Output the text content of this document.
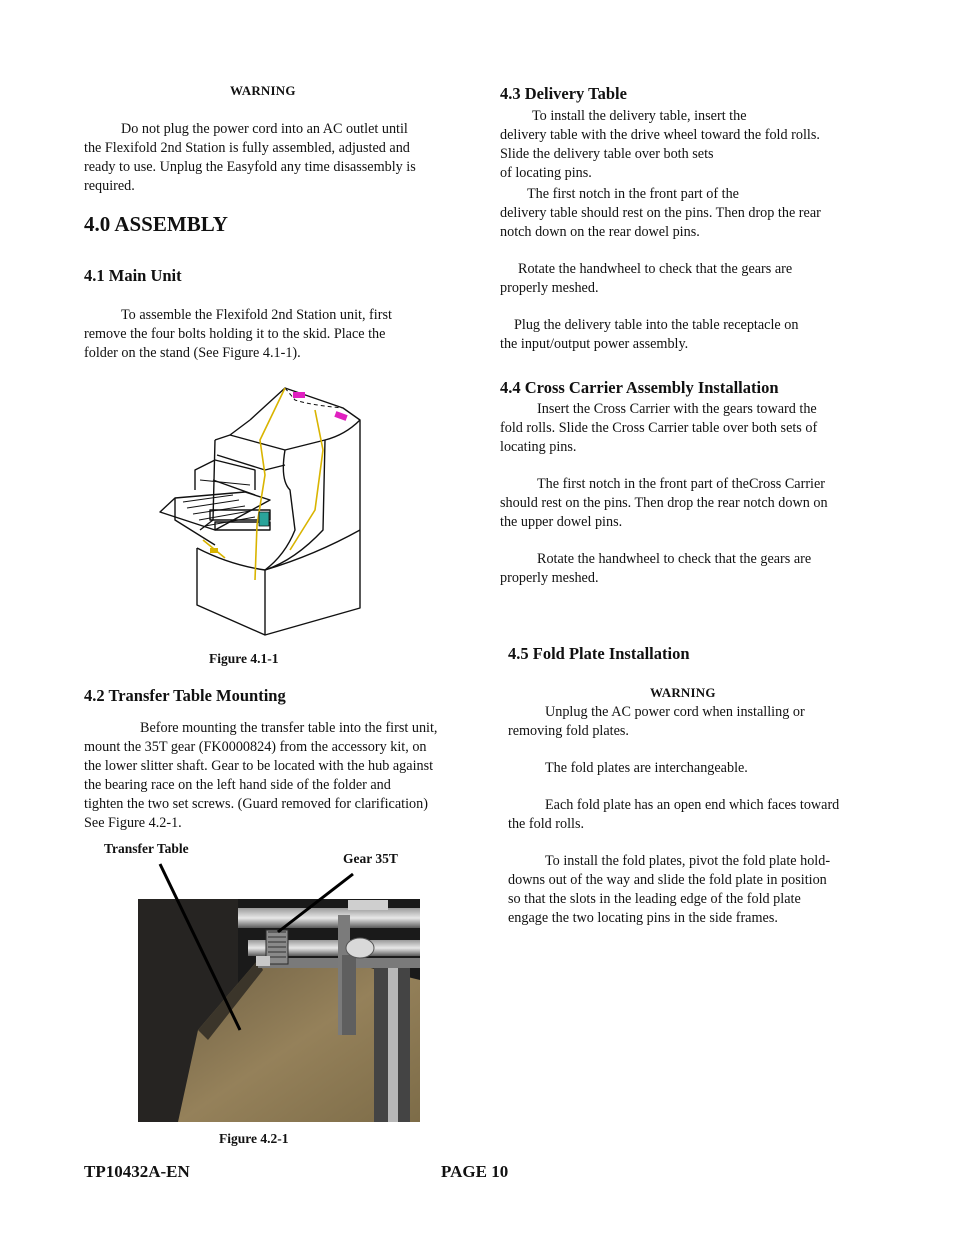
WARNING
Do not plug the power cord into an AC outlet until
the Flexifold 2nd Station is fully assembled, adjusted and
ready to use. Unplug the Easyfold any time disassembly is
required.
4.0 ASSEMBLY
4.1 Main Unit
To assemble the Flexifold 2nd Station unit, first
remove the four bolts holding it to the skid. Place the
folder on the stand (See Figure 4.1-1).
Figure 4.1-1
4.2 Transfer Table Mounting
Before mounting the transfer table into the first unit,
mount the 35T gear (FK0000824) from the accessory kit, on
the lower slitter shaft. Gear to be located with the hub against
the bearing race on the left hand side of the folder and
tighten the two set screws. (Guard removed for clarification)
See Figure 4.2-1.
Transfer Table
Gear 35T
Figure 4.2-1
4.3 Delivery Table
To install the delivery table, insert the
delivery table with the drive wheel toward the fold rolls.
Slide the delivery table over both sets
of locating pins.
The first notch in the front part of the
delivery table should rest on the pins. Then drop the rear
notch down on the rear dowel pins.
Rotate the handwheel to check that the gears are
properly meshed.
Plug the delivery table into the table receptacle on
the input/output power assembly.
4.4 Cross Carrier Assembly Installation
Insert the Cross Carrier with the gears toward the
fold rolls. Slide the Cross Carrier table over both sets of
locating pins.
The first notch in the front part of theCross Carrier
should rest on the pins. Then drop the rear notch down on
the upper dowel pins.
Rotate the handwheel to check that the gears are
properly meshed.
4.5 Fold Plate Installation
WARNING
Unplug the AC power cord when installing or
removing fold plates.
The fold plates are interchangeable.
Each fold plate has an open end which faces toward
the fold rolls.
To install the fold plates, pivot the fold plate hold-
downs out of the way and slide the fold plate in position
so that the slots in the leading edge of the fold plate
engage the two locating pins in the side frames.
TP10432A-EN	PAGE 10
